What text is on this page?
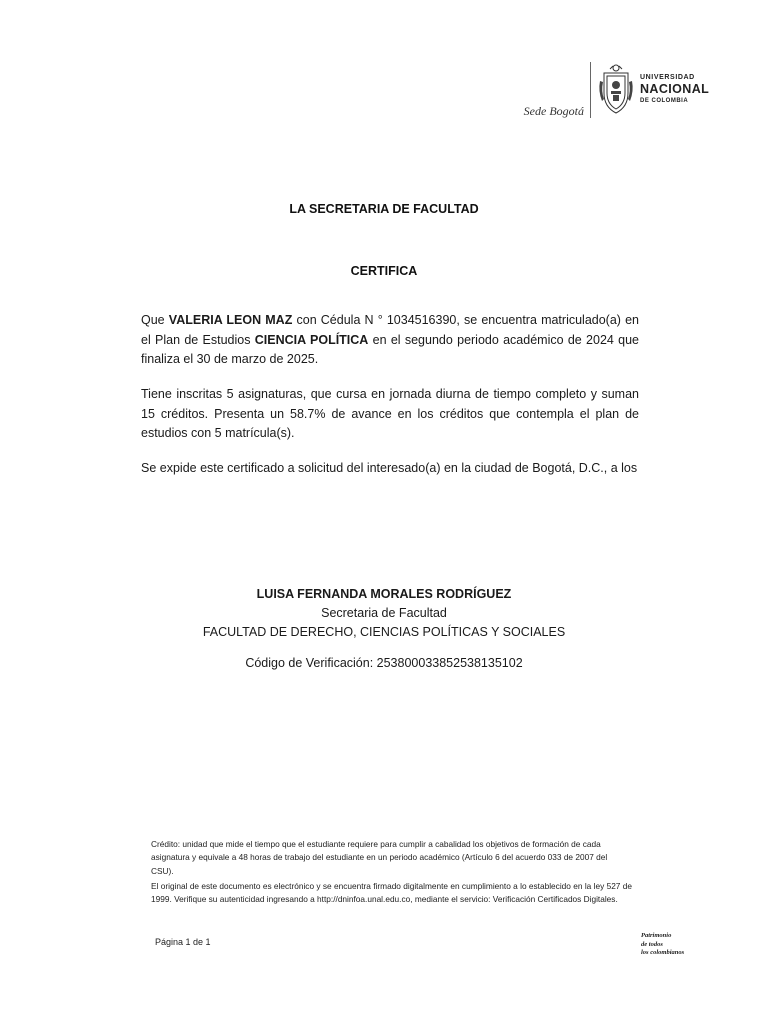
Sede Bogotá
UNIVERSIDAD
NACIONAL
DE COLOMBIA
LA SECRETARIA DE FACULTAD
CERTIFICA
Que VALERIA LEON MAZ con Cédula N ° 1034516390, se encuentra matriculado(a) en el Plan de Estudios CIENCIA POLÍTICA en el segundo periodo académico de 2024 que finaliza el 30 de marzo de 2025.
Tiene inscritas 5 asignaturas, que cursa en jornada diurna de tiempo completo y suman 15 créditos. Presenta un 58.7% de avance en los créditos que contempla el plan de estudios con 5 matrícula(s).
Se expide este certificado a solicitud del interesado(a) en la ciudad de Bogotá, D.C., a los
LUISA FERNANDA MORALES RODRÍGUEZ
Secretaria de Facultad
FACULTAD DE DERECHO, CIENCIAS POLÍTICAS Y SOCIALES
Código de Verificación: 253800033852538135102
Crédito: unidad que mide el tiempo que el estudiante requiere para cumplir a cabalidad los objetivos de formación de cada asignatura y equivale a 48 horas de trabajo del estudiante en un periodo académico (Artículo 6 del acuerdo 033 de 2007 del CSU).
El original de este documento es electrónico y se encuentra firmado digitalmente en cumplimiento a lo establecido en la ley 527 de 1999. Verifique su autenticidad ingresando a http://dninfoa.unal.edu.co, mediante el servicio: Verificación Certificados Digitales.
Página 1 de 1
Patrimonio
de todos
los colombianos
